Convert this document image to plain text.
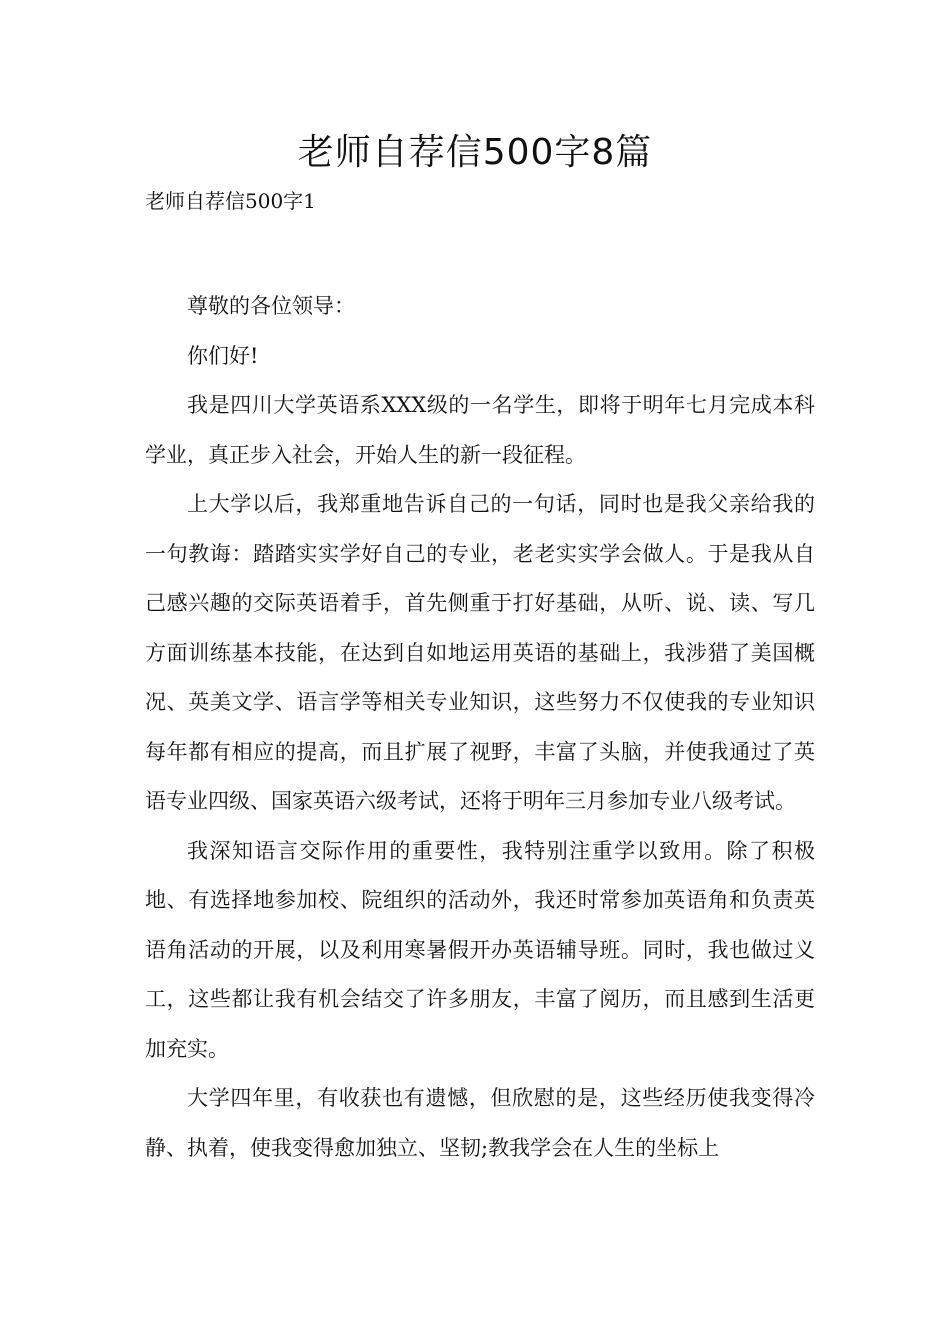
老师自荐信500字8篇
老师自荐信500字1

尊敬的各位领导：

你们好!

我是四川大学英语系XXX级的一名学生，即将于明年七月完成本科学业，真正步入社会，开始人生的新一段征程。

上大学以后，我郑重地告诉自己的一句话，同时也是我父亲给我的一句教诲：踏踏实实学好自己的专业，老老实实学会做人。于是我从自己感兴趣的交际英语着手，首先侧重于打好基础，从听、说、读、写几方面训练基本技能，在达到自如地运用英语的基础上，我涉猎了美国概况、英美文学、语言学等相关专业知识，这些努力不仅使我的专业知识每年都有相应的提高，而且扩展了视野，丰富了头脑，并使我通过了英语专业四级、国家英语六级考试，还将于明年三月参加专业八级考试。

我深知语言交际作用的重要性，我特别注重学以致用。除了积极地、有选择地参加校、院组织的活动外，我还时常参加英语角和负责英语角活动的开展，以及利用寒暑假开办英语辅导班。同时，我也做过义工，这些都让我有机会结交了许多朋友，丰富了阅历，而且感到生活更加充实。

大学四年里，有收获也有遗憾，但欣慰的是，这些经历使我变得冷静、执着，使我变得愈加独立、坚韧;教我学会在人生的坐标上
